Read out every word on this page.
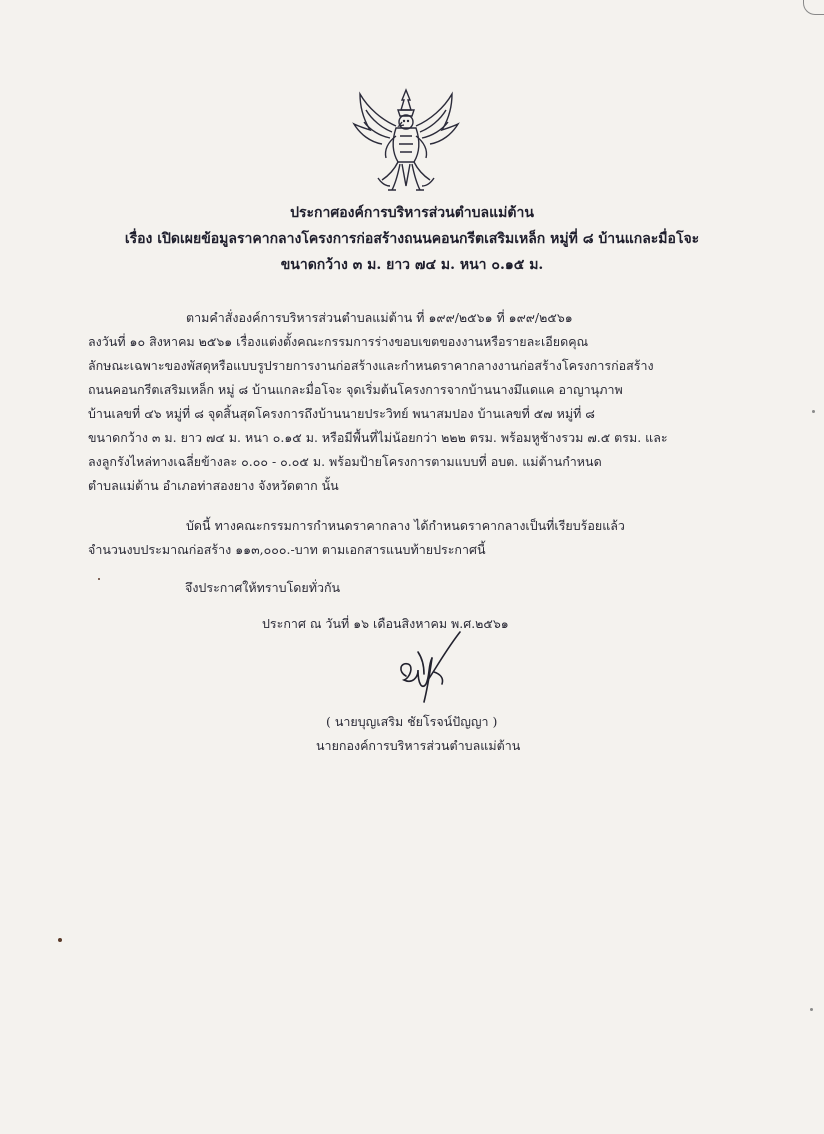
ประกาศองค์การบริหารส่วนตำบลแม่ต้าน
เรื่อง เปิดเผยข้อมูลราคากลางโครงการก่อสร้างถนนคอนกรีตเสริมเหล็ก หมู่ที่ ๘ บ้านแกละมื่อโจะ
ขนาดกว้าง ๓ ม. ยาว ๗๔ ม. หนา ๐.๑๕ ม.
ตามคำสั่งองค์การบริหารส่วนตำบลแม่ต้าน ที่ ๑๙๙/๒๕๖๑ ที่ ๑๙๙/๒๕๖๑
ลงวันที่ ๑๐ สิงหาคม ๒๕๖๑ เรื่องแต่งตั้งคณะกรรมการร่างขอบเขตของงานหรือรายละเอียดคุณ
ลักษณะเฉพาะของพัสดุหรือแบบรูปรายการงานก่อสร้างและกำหนดราคากลางงานก่อสร้างโครงการก่อสร้าง
ถนนคอนกรีตเสริมเหล็ก หมู่ ๘ บ้านแกละมื่อโจะ จุดเริ่มต้นโครงการจากบ้านนางมึแดแค อาญานุภาพ
บ้านเลขที่ ๔๖ หมู่ที่ ๘ จุดสิ้นสุดโครงการถึงบ้านนายประวิทย์ พนาสมปอง บ้านเลขที่ ๕๗ หมู่ที่ ๘
ขนาดกว้าง ๓ ม. ยาว ๗๔ ม. หนา ๐.๑๕ ม. หรือมีพื้นที่ไม่น้อยกว่า ๒๒๒ ตรม. พร้อมหูช้างรวม ๗.๕ ตรม. และ
ลงลูกรังไหล่ทางเฉลี่ยข้างละ ๐.๐๐ - ๐.๐๕ ม. พร้อมป้ายโครงการตามแบบที่ อบต. แม่ต้านกำหนด
ตำบลแม่ต้าน อำเภอท่าสองยาง จังหวัดตาก นั้น
บัดนี้ ทางคณะกรรมการกำหนดราคากลาง ได้กำหนดราคากลางเป็นที่เรียบร้อยแล้ว
จำนวนงบประมาณก่อสร้าง ๑๑๓,๐๐๐.-บาท ตามเอกสารแนบท้ายประกาศนี้
จึงประกาศให้ทราบโดยทั่วกัน
ประกาศ ณ วันที่ ๑๖ เดือนสิงหาคม พ.ศ.๒๕๖๑
( นายบุญเสริม ชัยโรจน์ปัญญา )
นายกองค์การบริหารส่วนตำบลแม่ต้าน
